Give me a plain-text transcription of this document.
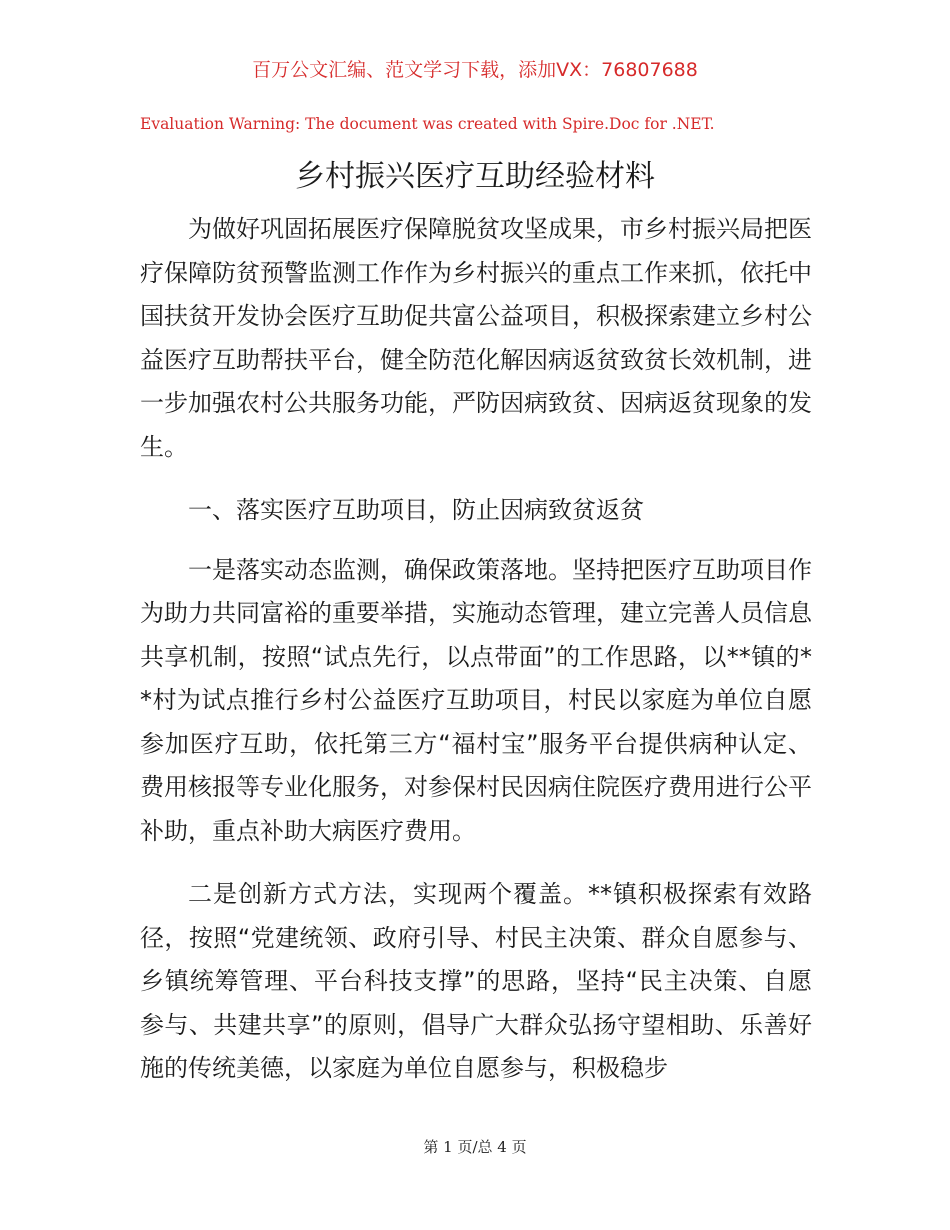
百万公文汇编、范文学习下载，添加VX：76807688
Evaluation Warning: The document was created with Spire.Doc for .NET.
乡村振兴医疗互助经验材料

为做好巩固拓展医疗保障脱贫攻坚成果，市乡村振兴局把医疗保障防贫预警监测工作作为乡村振兴的重点工作来抓，依托中国扶贫开发协会医疗互助促共富公益项目，积极探索建立乡村公益医疗互助帮扶平台，健全防范化解因病返贫致贫长效机制，进一步加强农村公共服务功能，严防因病致贫、因病返贫现象的发生。

一、落实医疗互助项目，防止因病致贫返贫

一是落实动态监测，确保政策落地。坚持把医疗互助项目作为助力共同富裕的重要举措，实施动态管理，建立完善人员信息共享机制，按照“试点先行，以点带面”的工作思路，以**镇的**村为试点推行乡村公益医疗互助项目，村民以家庭为单位自愿参加医疗互助，依托第三方“福村宝”服务平台提供病种认定、费用核报等专业化服务，对参保村民因病住院医疗费用进行公平补助，重点补助大病医疗费用。

二是创新方式方法，实现两个覆盖。**镇积极探索有效路径，按照“党建统领、政府引导、村民主决策、群众自愿参与、乡镇统筹管理、平台科技支撑”的思路，坚持“民主决策、自愿参与、共建共享”的原则，倡导广大群众弘扬守望相助、乐善好施的传统美德，以家庭为单位自愿参与，积极稳步

第 1 页/总 4 页
